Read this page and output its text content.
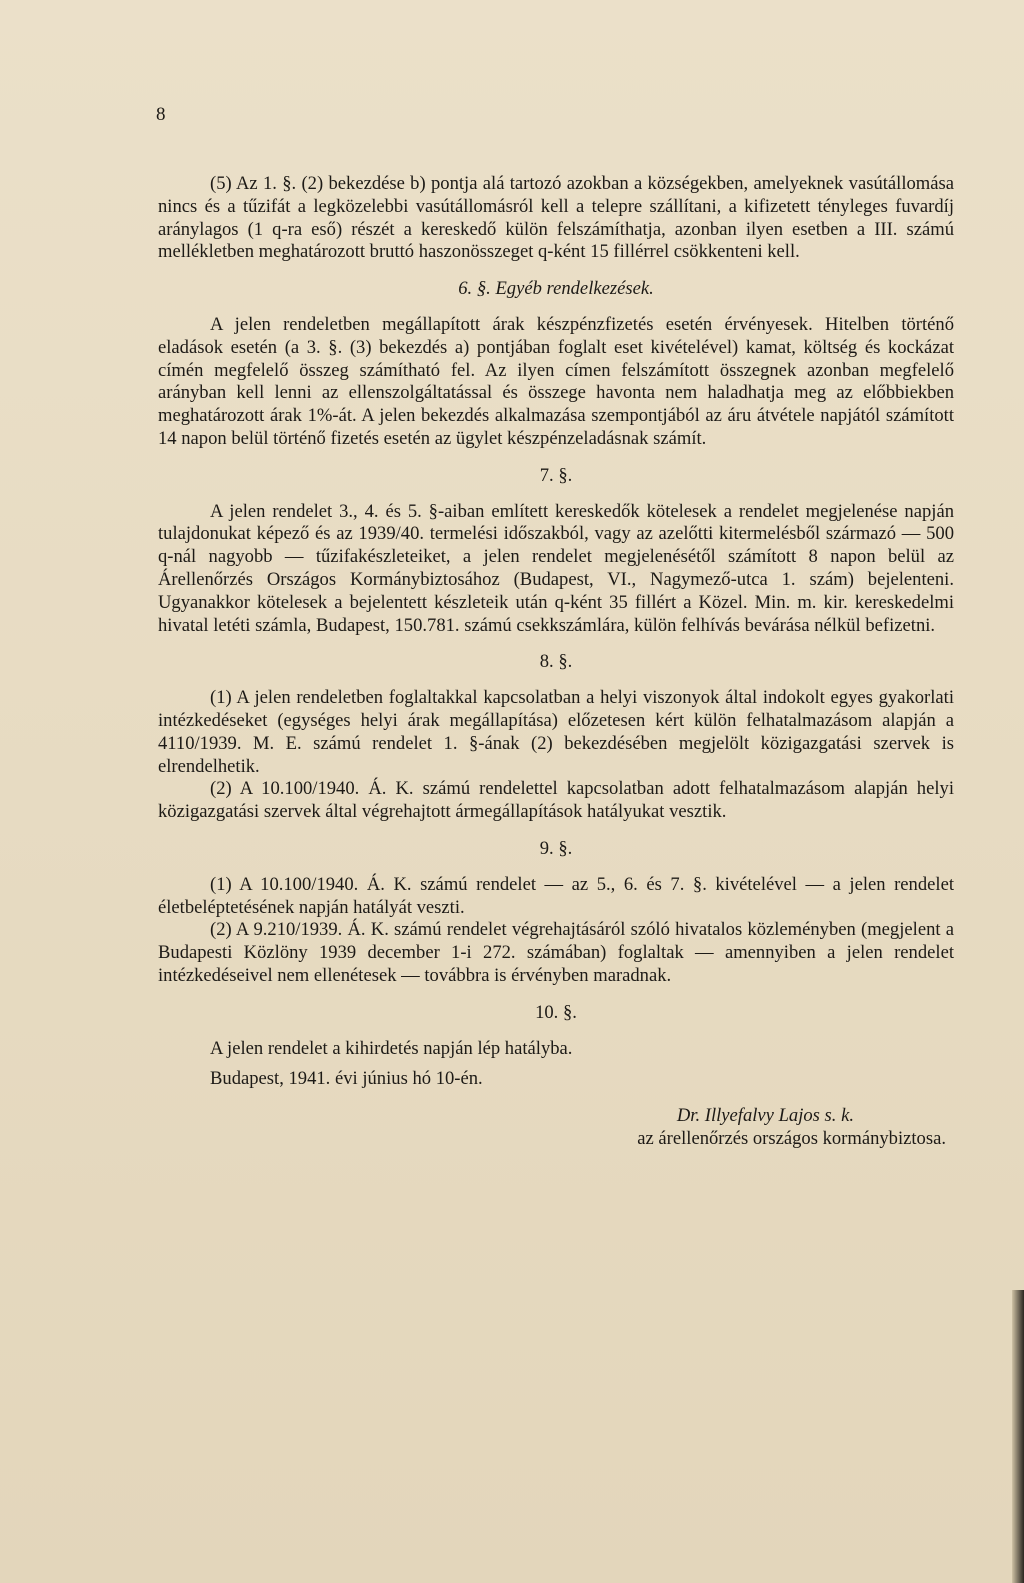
8

(5) Az 1. §. (2) bekezdése b) pontja alá tartozó azokban a községekben, amelyeknek vasútállomása nincs és a tűzifát a legközelebbi vasútállomásról kell a telepre szállítani, a kifizetett tényleges fuvardíj aránylagos (1 q-ra eső) részét a kereskedő külön felszámíthatja, azonban ilyen esetben a III. számú mellékletben meghatározott bruttó haszonösszeget q-ként 15 fillérrel csökkenteni kell.

6. §. Egyéb rendelkezések.

A jelen rendeletben megállapított árak készpénzfizetés esetén érvényesek. Hitelben történő eladások esetén (a 3. §. (3) bekezdés a) pontjában foglalt eset kivételével) kamat, költség és kockázat címén megfelelő összeg számítható fel. Az ilyen címen felszámított összegnek azonban megfelelő arányban kell lenni az ellenszolgáltatással és összege havonta nem haladhatja meg az előbbiekben meghatározott árak 1%-át. A jelen bekezdés alkalmazása szempontjából az áru átvétele napjától számított 14 napon belül történő fizetés esetén az ügylet készpénzeladásnak számít.

7. §.

A jelen rendelet 3., 4. és 5. §-aiban említett kereskedők kötelesek a rendelet megjelenése napján tulajdonukat képező és az 1939/40. termelési időszakból, vagy az azelőtti kitermelésből származó — 500 q-nál nagyobb — tűzifakészleteiket, a jelen rendelet megjelenésétől számított 8 napon belül az Árellenőrzés Országos Kormánybiztosához (Budapest, VI., Nagymező-utca 1. szám) bejelenteni. Ugyanakkor kötelesek a bejelentett készleteik után q-ként 35 fillért a Közel. Min. m. kir. kereskedelmi hivatal letéti számla, Budapest, 150.781. számú csekkszámlára, külön felhívás bevárása nélkül befizetni.

8. §.

(1) A jelen rendeletben foglaltakkal kapcsolatban a helyi viszonyok által indokolt egyes gyakorlati intézkedéseket (egységes helyi árak megállapítása) előzetesen kért külön felhatalmazásom alapján a 4110/1939. M. E. számú rendelet 1. §-ának (2) bekezdésében megjelölt közigazgatási szervek is elrendelhetik.

(2) A 10.100/1940. Á. K. számú rendelettel kapcsolatban adott felhatalmazásom alapján helyi közigazgatási szervek által végrehajtott ármegállapítások hatályukat vesztik.

9. §.

(1) A 10.100/1940. Á. K. számú rendelet — az 5., 6. és 7. §. kivételével — a jelen rendelet életbeléptetésének napján hatályát veszti.

(2) A 9.210/1939. Á. K. számú rendelet végrehajtásáról szóló hivatalos közleményben (megjelent a Budapesti Közlöny 1939 december 1-i 272. számában) foglaltak — amennyiben a jelen rendelet intézkedéseivel nem ellenétesek — továbbra is érvényben maradnak.

10. §.

A jelen rendelet a kihirdetés napján lép hatályba.

Budapest, 1941. évi június hó 10-én.

Dr. Illyefalvy Lajos s. k.

az árellenőrzés országos kormánybiztosa.
